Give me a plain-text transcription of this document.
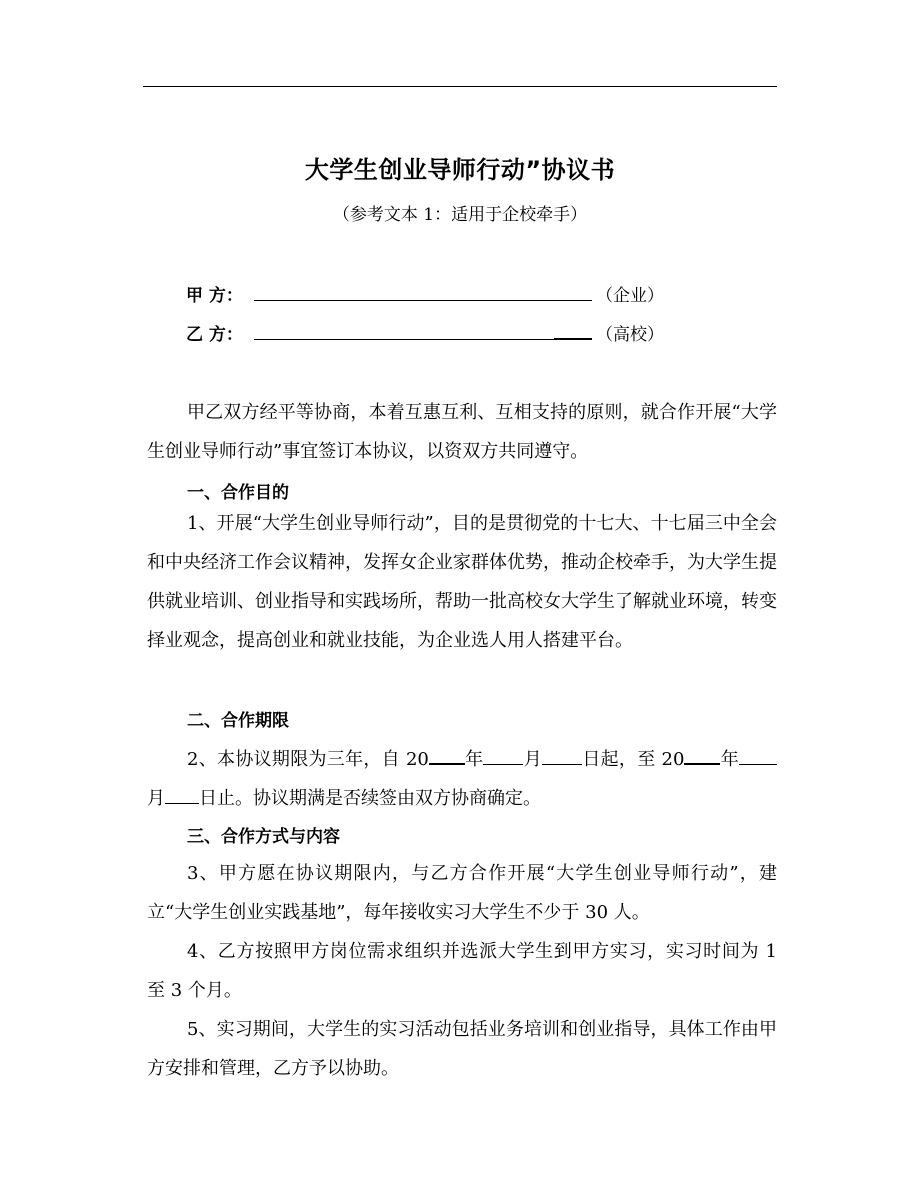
大学生创业导师行动”协议书
（参考文本 1：适用于企校牵手）
甲 方：	（企业）
乙 方：	（高校）
甲乙双方经平等协商，本着互惠互利、互相支持的原则，就合作开展“大学生创业导师行动”事宜签订本协议，以资双方共同遵守。
一、合作目的
1、开展“大学生创业导师行动”，目的是贯彻党的十七大、十七届三中全会和中央经济工作会议精神，发挥女企业家群体优势，推动企校牵手，为大学生提供就业培训、创业指导和实践场所，帮助一批高校女大学生了解就业环境，转变择业观念，提高创业和就业技能，为企业选人用人搭建平台。
二、合作期限
2、本协议期限为三年，自 20 年 月 日起，至 20 年月 日止。协议期满是否续签由双方协商确定。
三、合作方式与内容
3、甲方愿在协议期限内，与乙方合作开展“大学生创业导师行动”，建立“大学生创业实践基地”，每年接收实习大学生不少于 30 人。
4、乙方按照甲方岗位需求组织并选派大学生到甲方实习，实习时间为 1 至 3 个月。
5、实习期间，大学生的实习活动包括业务培训和创业指导，具体工作由甲方安排和管理，乙方予以协助。
